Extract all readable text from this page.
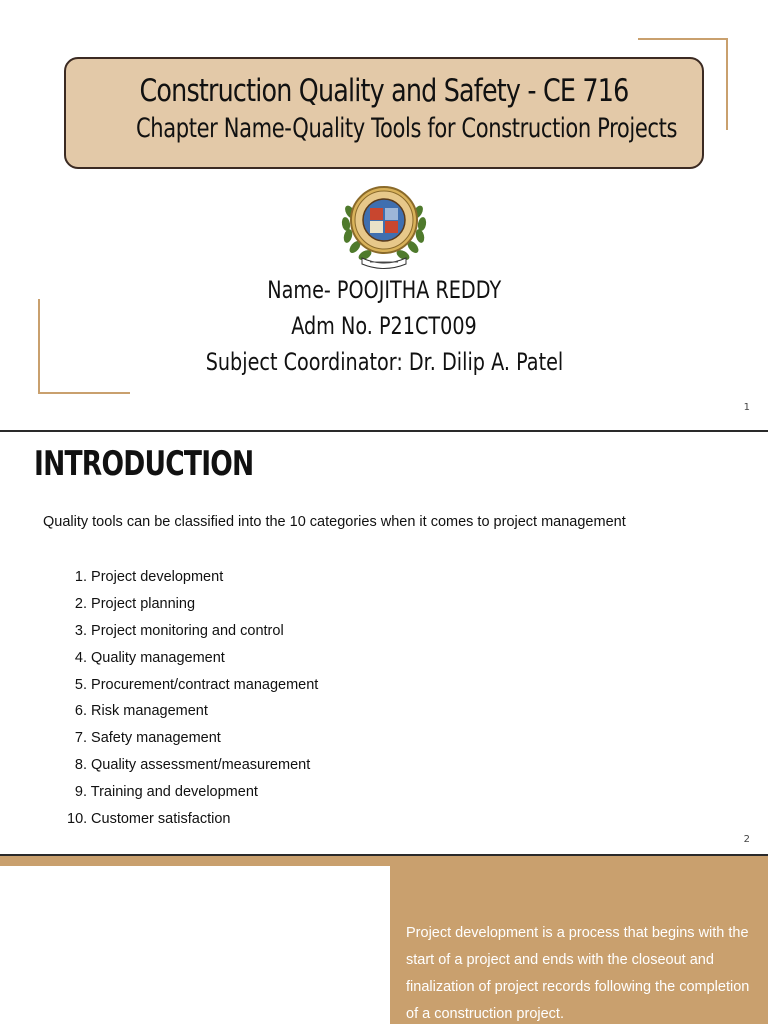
Construction Quality and Safety - CE 716
Chapter Name-Quality Tools for Construction Projects
Name- POOJITHA REDDY
Adm No. P21CT009
Subject Coordinator: Dr. Dilip A. Patel
1
2
INTRODUCTION
Quality tools can be classified into the 10 categories when it comes to project management
1. Project development
2. Project planning
3. Project monitoring and control
4. Quality management
5. Procurement/contract management
6. Risk management
7. Safety management
8. Quality assessment/measurement
9. Training and development
10. Customer satisfaction
Project development is a process that begins with the start of a project and ends with the closeout and finalization of project records following the completion of a construction project.
